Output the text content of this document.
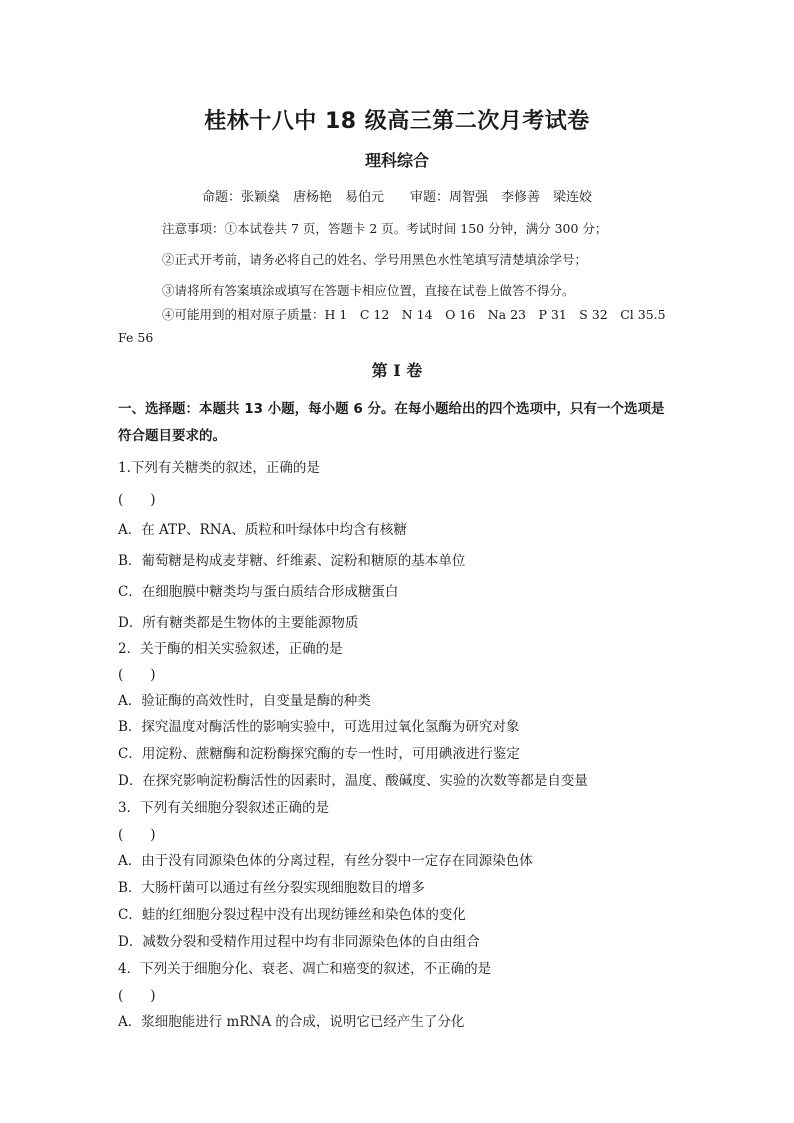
桂林十八中 18 级高三第二次月考试卷
理科综合
命题：张颖燊　唐杨艳　易伯元　　审题：周智强　李修善　梁连姣
注意事项：①本试卷共 7 页，答题卡 2 页。考试时间 150 分钟，满分 300 分；
②正式开考前，请务必将自己的姓名、学号用黑色水性笔填写清楚填涂学号；
③请将所有答案填涂或填写在答题卡相应位置，直接在试卷上做答不得分。
④可能用到的相对原子质量：H 1　C 12　N 14　O 16　Na 23　P 31　S 32　Cl 35.5
Fe 56
第 I 卷
一、选择题：本题共 13 小题，每小题 6 分。在每小题给出的四个选项中，只有一个选项是
符合题目要求的。
1.下列有关糖类的叙述，正确的是
(　　)
A．在 ATP、RNA、质粒和叶绿体中均含有核糖
B．葡萄糖是构成麦芽糖、纤维素、淀粉和糖原的基本单位
C．在细胞膜中糖类均与蛋白质结合形成糖蛋白
D．所有糖类都是生物体的主要能源物质
2．关于酶的相关实验叙述，正确的是
(　　)
A．验证酶的高效性时，自变量是酶的种类
B．探究温度对酶活性的影响实验中，可选用过氧化氢酶为研究对象
C．用淀粉、蔗糖酶和淀粉酶探究酶的专一性时，可用碘液进行鉴定
D．在探究影响淀粉酶活性的因素时，温度、酸碱度、实验的次数等都是自变量
3．下列有关细胞分裂叙述正确的是
(　　)
A．由于没有同源染色体的分离过程，有丝分裂中一定存在同源染色体
B．大肠杆菌可以通过有丝分裂实现细胞数目的增多
C．蛙的红细胞分裂过程中没有出现纺锤丝和染色体的变化
D．减数分裂和受精作用过程中均有非同源染色体的自由组合
4．下列关于细胞分化、衰老、凋亡和癌变的叙述，不正确的是
(　　)
A．浆细胞能进行 mRNA 的合成，说明它已经产生了分化
